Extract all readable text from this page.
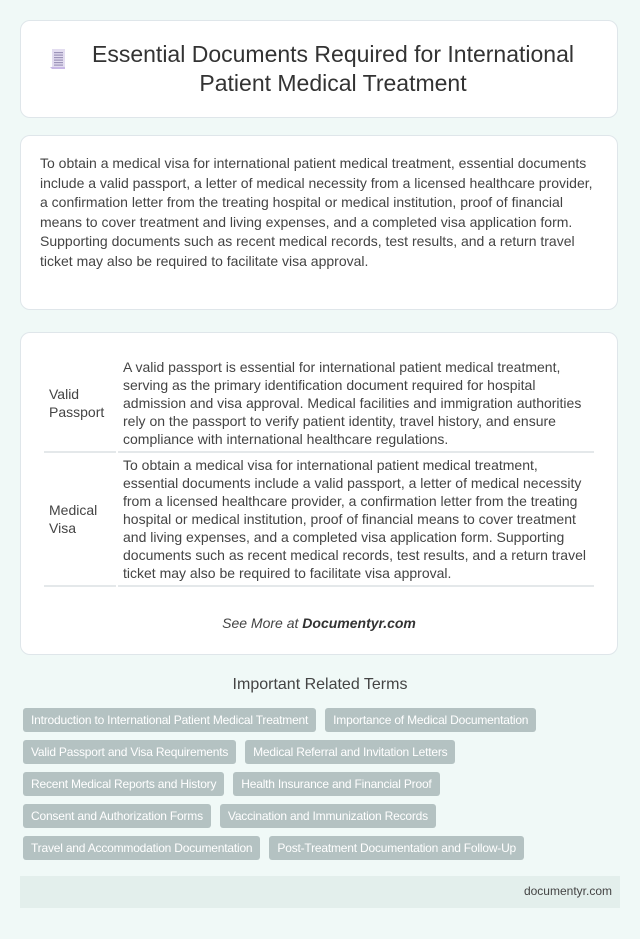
Essential Documents Required for International Patient Medical Treatment

To obtain a medical visa for international patient medical treatment, essential documents include a valid passport, a letter of medical necessity from a licensed healthcare provider, a confirmation letter from the treating hospital or medical institution, proof of financial means to cover treatment and living expenses, and a completed visa application form. Supporting documents such as recent medical records, test results, and a return travel ticket may also be required to facilitate visa approval.

Valid Passport	A valid passport is essential for international patient medical treatment, serving as the primary identification document required for hospital admission and visa approval. Medical facilities and immigration authorities rely on the passport to verify patient identity, travel history, and ensure compliance with international healthcare regulations.
Medical Visa	To obtain a medical visa for international patient medical treatment, essential documents include a valid passport, a letter of medical necessity from a licensed healthcare provider, a confirmation letter from the treating hospital or medical institution, proof of financial means to cover treatment and living expenses, and a completed visa application form. Supporting documents such as recent medical records, test results, and a return travel ticket may also be required to facilitate visa approval.
See More at Documentyr.com
Important Related Terms
Introduction to International Patient Medical Treatment	Importance of Medical Documentation
Valid Passport and Visa Requirements	Medical Referral and Invitation Letters
Recent Medical Reports and History	Health Insurance and Financial Proof
Consent and Authorization Forms	Vaccination and Immunization Records
Travel and Accommodation Documentation	Post-Treatment Documentation and Follow-Up
documentyr.com
